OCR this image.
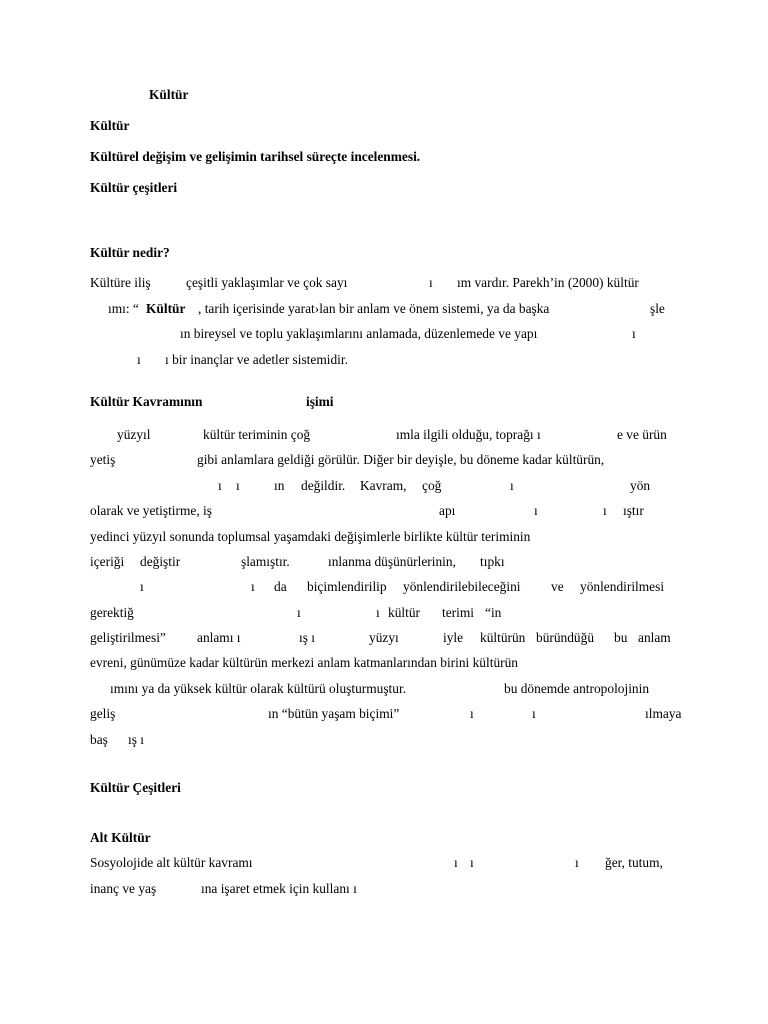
Kültür
Kültür
Kültürel değişim ve gelişimin tarihsel süreçte incelenmesi.
Kültür çeşitleri
Kültür nedir?
Kültüre iliş	çeşitli yaklaşımlar ve çok sayı	ı ım vardır. Parekh’in (2000) kültür
ımı: “ Kültür , tarih içerisinde yarat›lan bir anlam ve önem sistemi, ya da başka	şle
ın bireysel ve toplu yaklaşımlarını anlamada, düzenlemede ve yapı	ı
ı ı bir inançlar ve adetler sistemidir.
Kültür Kavramının	işimi
yüzyıl	kültür teriminin çoğ	ımla ilgili olduğu, toprağı ı	e ve ürün
yetiş	gibi anlamlara geldiği görülür. Diğer bir deyişle, bu döneme kadar kültürün,
ı ı	ın değildir. Kavram, çoğ	ı	yön
olarak ve yetiştirme, iş	apı	ı	ı ıştır
yedinci yüzyıl sonunda toplumsal yaşamdaki değişimlerle birlikte kültür teriminin
içeriği değiştir	şlamıştır.	ınlanma düşünürlerinin, tıpkı
ı	ı da biçimlendirilip yönlendirilebileceğini ve yönlendirilmesi
gerektiğ	ı	ı kültür terimi “in
geliştirilmesi” anlamı ı	ış ı	yüzyı	iyle kültürün büründüğü bu anlam
evreni, günümüze kadar kültürün merkezi anlam katmanlarından birini kültürün
ımını ya da yüksek kültür olarak kültürü oluşturmuştur.	bu dönemde antropolojinin
geliş	ın “bütün yaşam biçimi”	ı	ı	ılmaya
baş ış ı
Kültür Çeşitleri
Alt Kültür
Sosyolojide alt kültür kavramı	ı ı	ı ğer, tutum,
inanç ve yaş	ına işaret etmek için kullanı ı
